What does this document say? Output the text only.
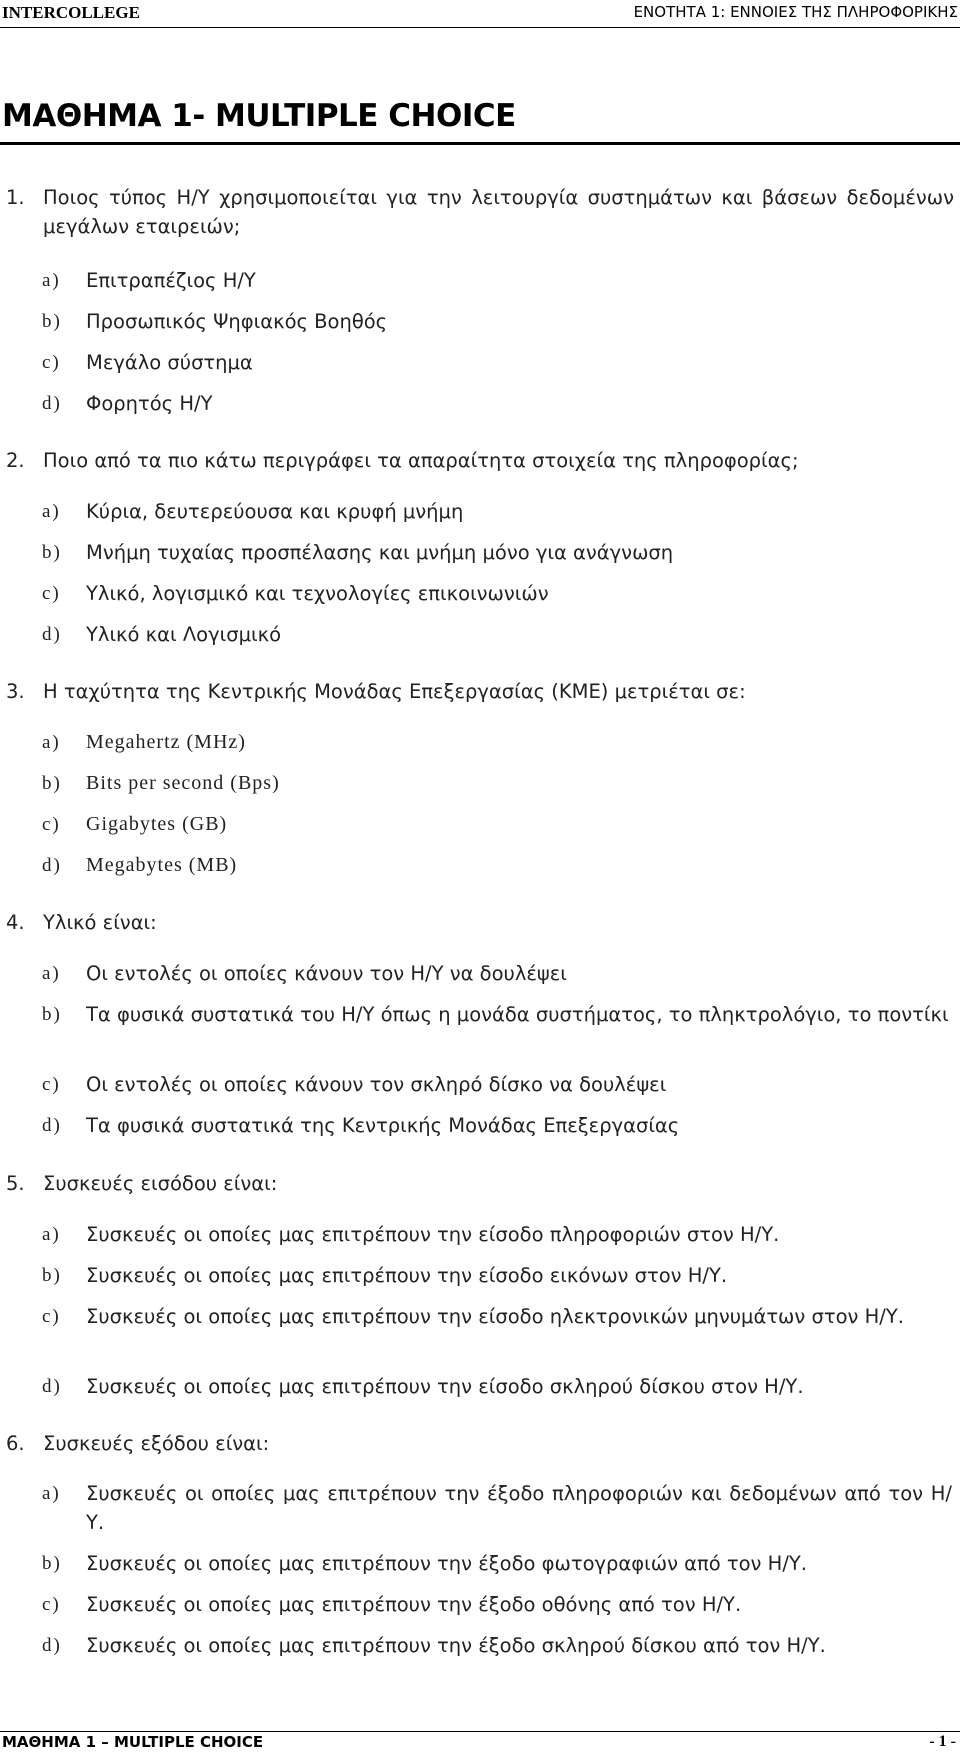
INTERCOLLEGE	ΕΝΟΤΗΤΑ 1: ΕΝΝΟΙΕΣ ΤΗΣ ΠΛΗΡΟΦΟΡΙΚΗΣ
ΜΑΘΗΜΑ 1- MULTIPLE CHOICE
1. Ποιος τύπος Η/Υ χρησιμοποιείται για την λειτουργία συστημάτων και βάσεων δεδομένων μεγάλων εταιρειών;
a) Επιτραπέζιος Η/Υ
b) Προσωπικός Ψηφιακός Βοηθός
c) Μεγάλο σύστημα
d) Φορητός Η/Υ
2. Ποιο από τα πιο κάτω περιγράφει τα απαραίτητα στοιχεία της πληροφορίας;
a) Κύρια, δευτερεύουσα και κρυφή μνήμη
b) Μνήμη τυχαίας προσπέλασης και μνήμη μόνο για ανάγνωση
c) Υλικό, λογισμικό και τεχνολογίες επικοινωνιών
d) Υλικό και Λογισμικό
3. Η ταχύτητα της Κεντρικής Μονάδας Επεξεργασίας (ΚΜΕ) μετριέται σε:
a) Megahertz (MHz)
b) Bits per second (Bps)
c) Gigabytes (GB)
d) Megabytes (MB)
4. Υλικό είναι:
a) Οι εντολές οι οποίες κάνουν τον Η/Υ να δουλέψει
b) Τα φυσικά συστατικά του Η/Υ όπως η μονάδα συστήματος, το πληκτρολόγιο, το ποντίκι
c) Οι εντολές οι οποίες κάνουν τον σκληρό δίσκο να δουλέψει
d) Τα φυσικά συστατικά της Κεντρικής Μονάδας Επεξεργασίας
5. Συσκευές εισόδου είναι:
a) Συσκευές οι οποίες μας επιτρέπουν την είσοδο πληροφοριών στον Η/Υ.
b) Συσκευές οι οποίες μας επιτρέπουν την είσοδο εικόνων στον Η/Υ.
c) Συσκευές οι οποίες μας επιτρέπουν την είσοδο ηλεκτρονικών μηνυμάτων στον Η/Υ.
d) Συσκευές οι οποίες μας επιτρέπουν την είσοδο σκληρού δίσκου στον Η/Υ.
6. Συσκευές εξόδου είναι:
a) Συσκευές οι οποίες μας επιτρέπουν την έξοδο πληροφοριών και δεδομένων από τον Η/Υ.
b) Συσκευές οι οποίες μας επιτρέπουν την έξοδο φωτογραφιών από τον Η/Υ.
c) Συσκευές οι οποίες μας επιτρέπουν την έξοδο οθόνης από τον Η/Υ.
d) Συσκευές οι οποίες μας επιτρέπουν την έξοδο σκληρού δίσκου από τον Η/Υ.
ΜΑΘΗΜΑ 1 – MULTIPLE CHOICE	- 1 -
